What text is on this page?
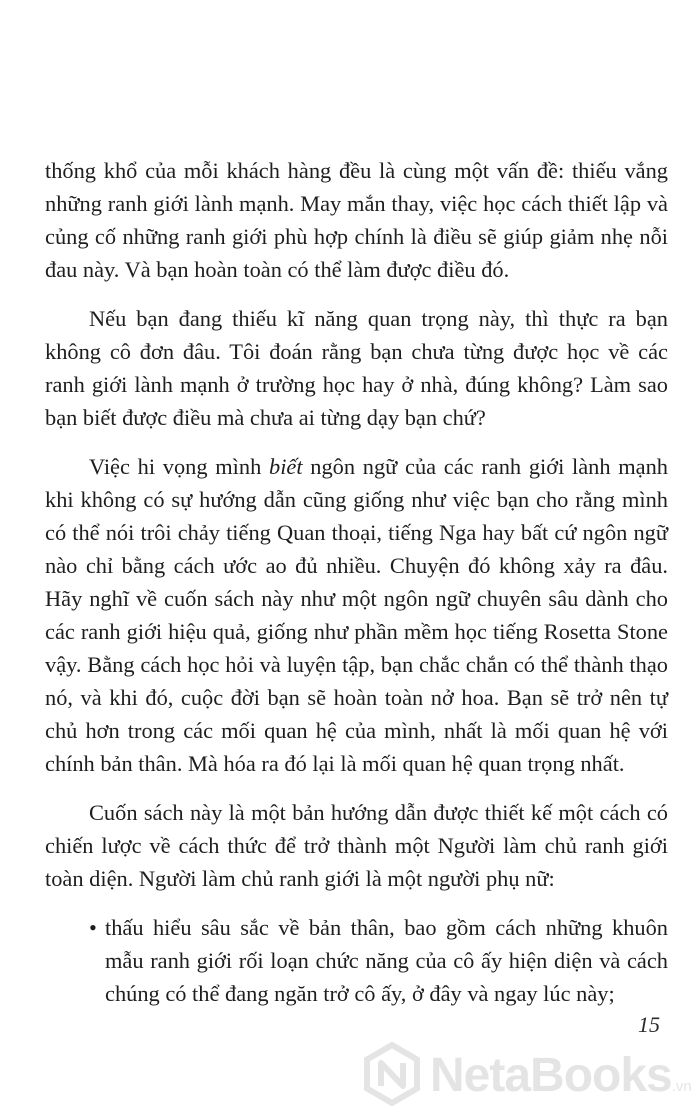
thống khổ của mỗi khách hàng đều là cùng một vấn đề: thiếu vắng những ranh giới lành mạnh. May mắn thay, việc học cách thiết lập và củng cố những ranh giới phù hợp chính là điều sẽ giúp giảm nhẹ nỗi đau này. Và bạn hoàn toàn có thể làm được điều đó.

Nếu bạn đang thiếu kĩ năng quan trọng này, thì thực ra bạn không cô đơn đâu. Tôi đoán rằng bạn chưa từng được học về các ranh giới lành mạnh ở trường học hay ở nhà, đúng không? Làm sao bạn biết được điều mà chưa ai từng dạy bạn chứ?

Việc hi vọng mình biết ngôn ngữ của các ranh giới lành mạnh khi không có sự hướng dẫn cũng giống như việc bạn cho rằng mình có thể nói trôi chảy tiếng Quan thoại, tiếng Nga hay bất cứ ngôn ngữ nào chỉ bằng cách ước ao đủ nhiều. Chuyện đó không xảy ra đâu. Hãy nghĩ về cuốn sách này như một ngôn ngữ chuyên sâu dành cho các ranh giới hiệu quả, giống như phần mềm học tiếng Rosetta Stone vậy. Bằng cách học hỏi và luyện tập, bạn chắc chắn có thể thành thạo nó, và khi đó, cuộc đời bạn sẽ hoàn toàn nở hoa. Bạn sẽ trở nên tự chủ hơn trong các mối quan hệ của mình, nhất là mối quan hệ với chính bản thân. Mà hóa ra đó lại là mối quan hệ quan trọng nhất.

Cuốn sách này là một bản hướng dẫn được thiết kế một cách có chiến lược về cách thức để trở thành một Người làm chủ ranh giới toàn diện. Người làm chủ ranh giới là một người phụ nữ:

• thấu hiểu sâu sắc về bản thân, bao gồm cách những khuôn mẫu ranh giới rối loạn chức năng của cô ấy hiện diện và cách chúng có thể đang ngăn trở cô ấy, ở đây và ngay lúc này;
15
NetaBooks.vn
